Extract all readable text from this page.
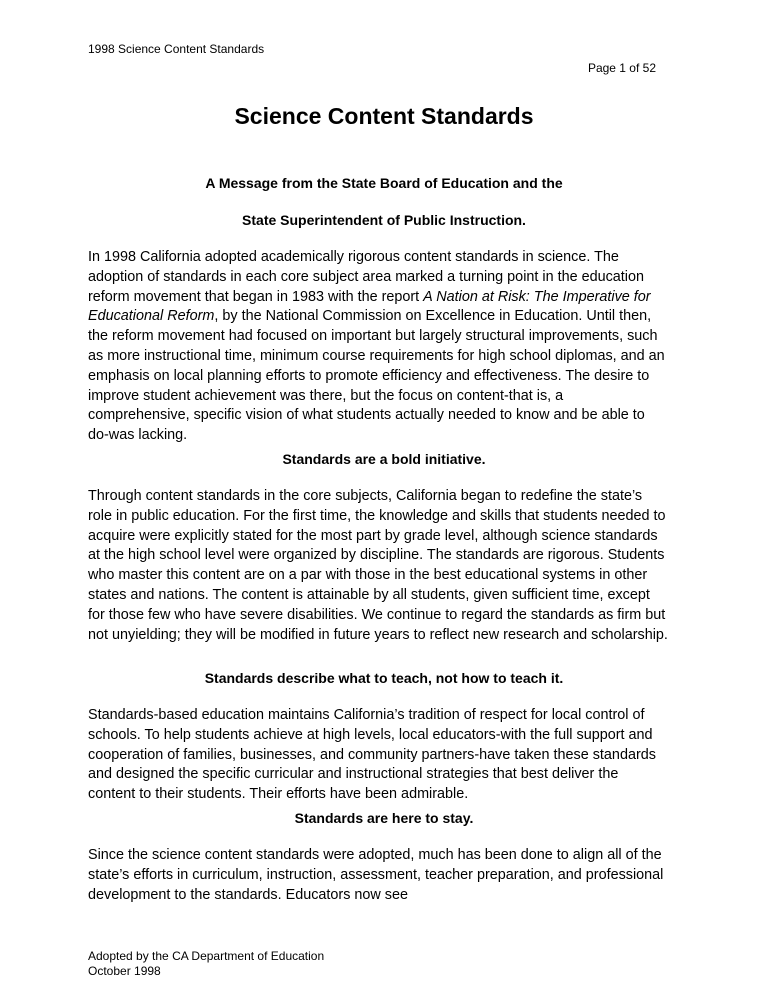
1998 Science Content Standards
Page 1 of 52
Science Content Standards

A Message from the State Board of Education and the

State Superintendent of Public Instruction.

In 1998 California adopted academically rigorous content standards in science. The adoption of standards in each core subject area marked a turning point in the education reform movement that began in 1983 with the report A Nation at Risk: The Imperative for Educational Reform, by the National Commission on Excellence in Education. Until then, the reform movement had focused on important but largely structural improvements, such as more instructional time, minimum course requirements for high school diplomas, and an emphasis on local planning efforts to promote efficiency and effectiveness. The desire to improve student achievement was there, but the focus on content-that is, a comprehensive, specific vision of what students actually needed to know and be able to do-was lacking.

Standards are a bold initiative.

Through content standards in the core subjects, California began to redefine the state’s role in public education. For the first time, the knowledge and skills that students needed to acquire were explicitly stated for the most part by grade level, although science standards at the high school level were organized by discipline. The standards are rigorous. Students who master this content are on a par with those in the best educational systems in other states and nations. The content is attainable by all students, given sufficient time, except for those few who have severe disabilities. We continue to regard the standards as firm but not unyielding; they will be modified in future years to reflect new research and scholarship.

Standards describe what to teach, not how to teach it.

Standards-based education maintains California’s tradition of respect for local control of schools. To help students achieve at high levels, local educators-with the full support and cooperation of families, businesses, and community partners-have taken these standards and designed the specific curricular and instructional strategies that best deliver the content to their students. Their efforts have been admirable.

Standards are here to stay.

Since the science content standards were adopted, much has been done to align all of the state’s efforts in curriculum, instruction, assessment, teacher preparation, and professional development to the standards. Educators now see

Adopted by the CA Department of Education
October 1998
